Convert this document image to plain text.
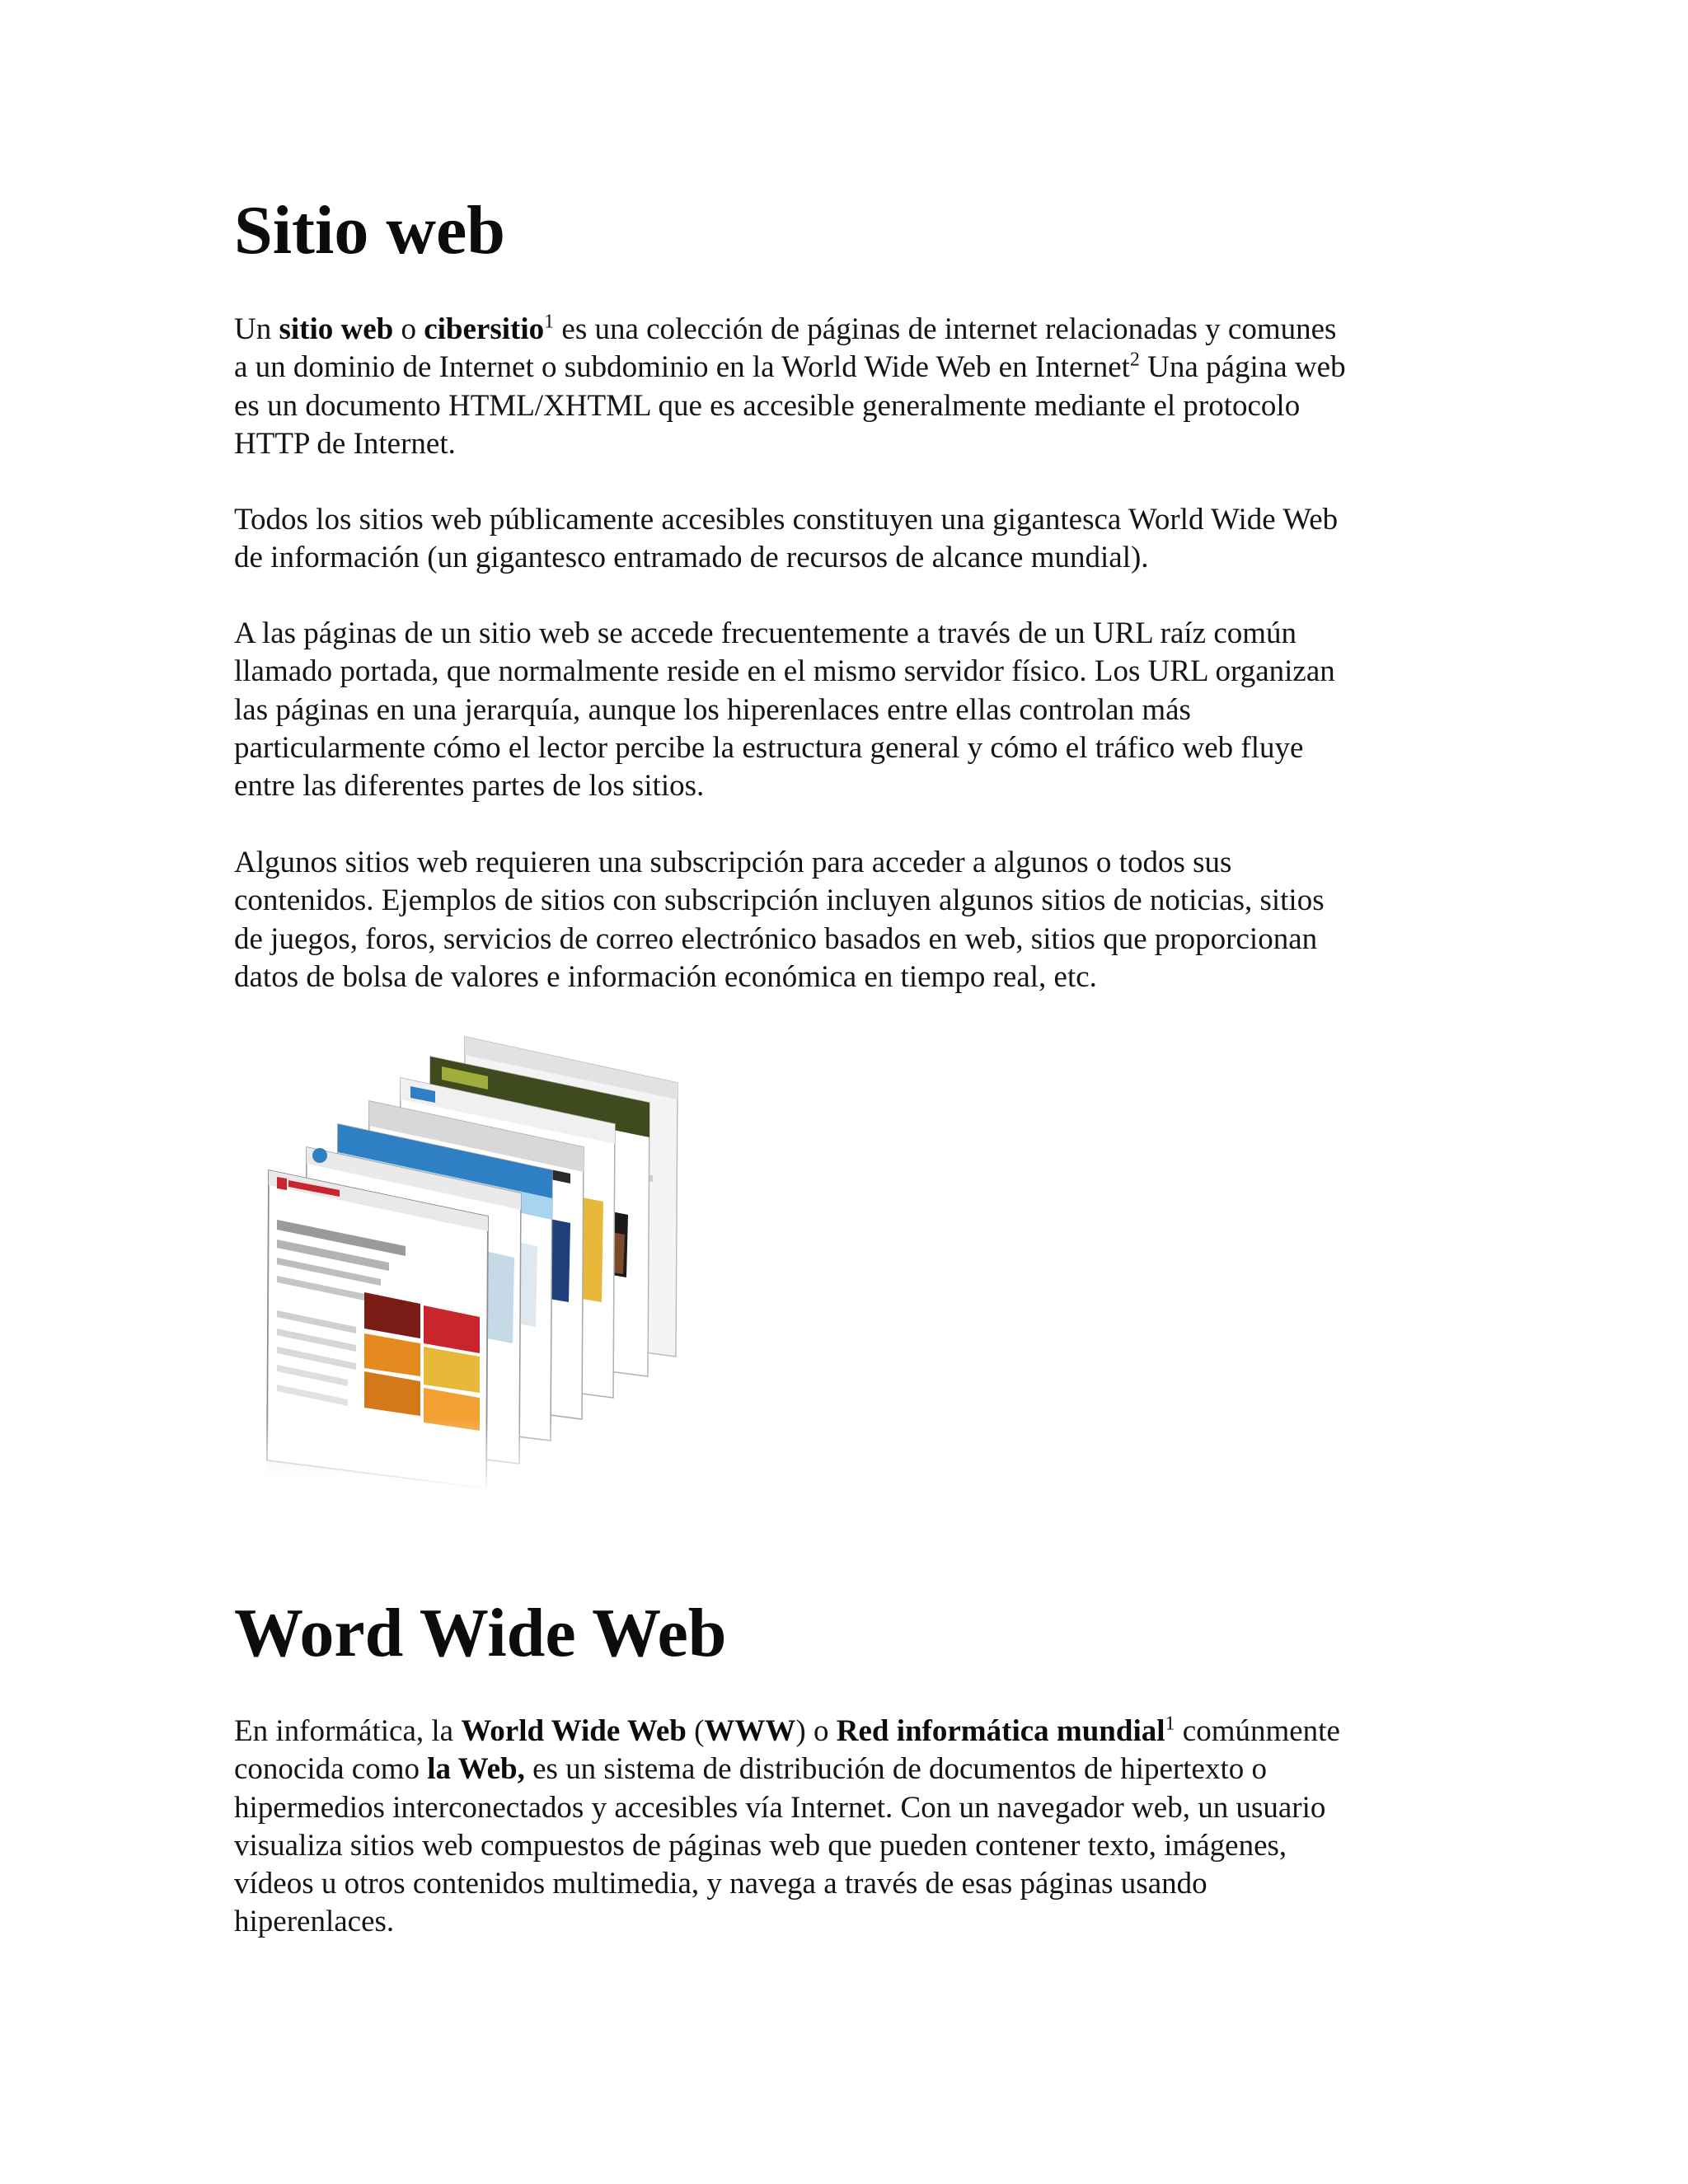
Sitio web

Un sitio web o cibersitio$^1$ es una colección de páginas de internet relacionadas y comunes
a un dominio de Internet o subdominio en la World Wide Web en Internet$^2$ Una página web
es un documento HTML/XHTML que es accesible generalmente mediante el protocolo
HTTP de Internet.

Todos los sitios web públicamente accesibles constituyen una gigantesca World Wide Web
de información (un gigantesco entramado de recursos de alcance mundial).

A las páginas de un sitio web se accede frecuentemente a través de un URL raíz común
llamado portada, que normalmente reside en el mismo servidor físico. Los URL organizan
las páginas en una jerarquía, aunque los hiperenlaces entre ellas controlan más
particularmente cómo el lector percibe la estructura general y cómo el tráfico web fluye
entre las diferentes partes de los sitios.

Algunos sitios web requieren una subscripción para acceder a algunos o todos sus
contenidos. Ejemplos de sitios con subscripción incluyen algunos sitios de noticias, sitios
de juegos, foros, servicios de correo electrónico basados en web, sitios que proporcionan
datos de bolsa de valores e información económica en tiempo real, etc.

Word Wide Web

En informática, la World Wide Web (WWW) o Red informática mundial$^1$ comúnmente
conocida como la Web, es un sistema de distribución de documentos de hipertexto o
hipermedios interconectados y accesibles vía Internet. Con un navegador web, un usuario
visualiza sitios web compuestos de páginas web que pueden contener texto, imágenes,
vídeos u otros contenidos multimedia, y navega a través de esas páginas usando
hiperenlaces.
